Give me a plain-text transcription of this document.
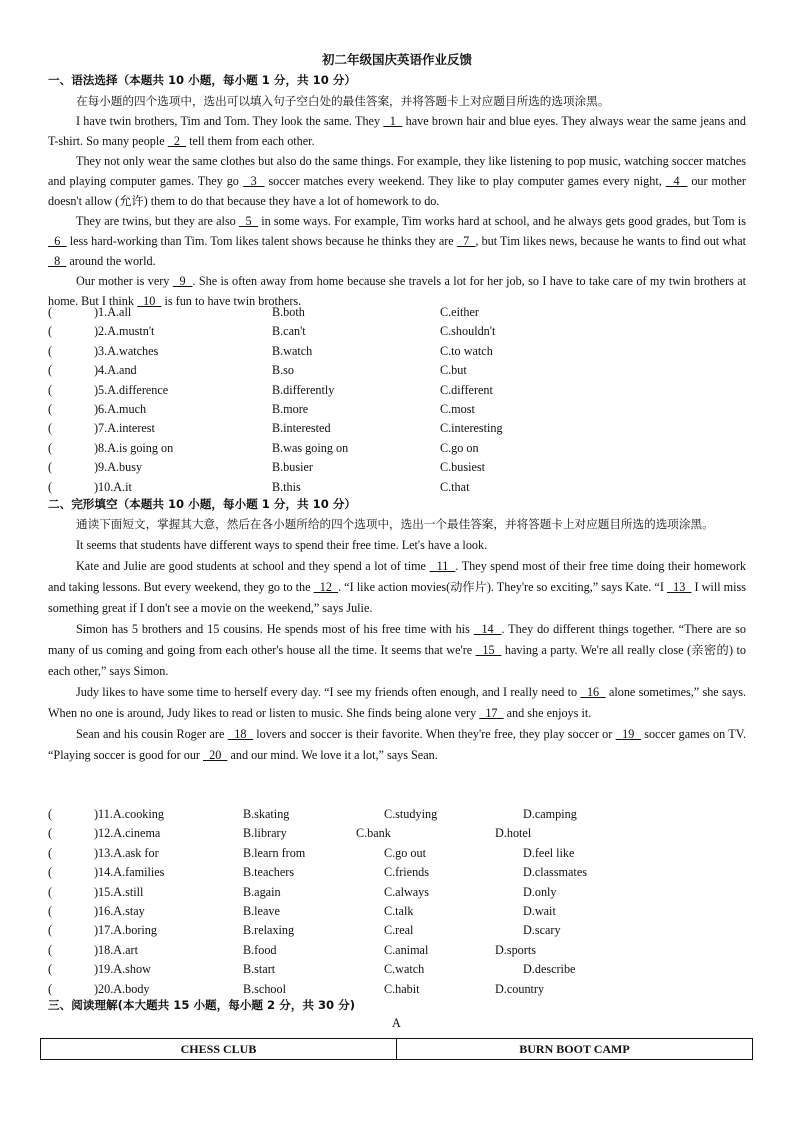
初二年级国庆英语作业反馈
一、语法选择（本题共 10 小题，每小题 1 分，共 10 分）

在每小题的四个选项中，选出可以填入句子空白处的最佳答案，并将答题卡上对应题目所选的选项涂黑。

I have twin brothers, Tim and Tom. They look the same. They   1   have brown hair and blue eyes. They always wear the same jeans and T-shirt. So many people   2   tell them from each other.

They not only wear the same clothes but also do the same things. For example, they like listening to pop music, watching soccer matches and playing computer games. They go   3   soccer matches every weekend. They like to play computer games every night,   4   our mother doesn't allow (允许) them to do that because they have a lot of homework to do.

They are twins, but they are also   5   in some ways. For example, Tim works hard at school, and he always gets good grades, but Tom is   6   less hard-working than Tim. Tom likes talent shows because he thinks they are   7  , but Tim likes news, because he wants to find out what   8   around the world.

Our mother is very   9  . She is often away from home because she travels a lot for her job, so I have to take care of my twin brothers at home. But I think   10   is fun to have twin brothers.

(	)1.A.all	B.both	C.either
(	)2.A.mustn't	B.can't	C.shouldn't
(	)3.A.watches	B.watch	C.to watch
(	)4.A.and	B.so	C.but
(	)5.A.difference	B.differently	C.different
(	)6.A.much	B.more	C.most
(	)7.A.interest	B.interested	C.interesting
(	)8.A.is going on	B.was going on	C.go on
(	)9.A.busy	B.busier	C.busiest
(	)10.A.it	B.this	C.that
二、完形填空（本题共 10 小题，每小题 1 分，共 10 分）

通读下面短文，掌握其大意，然后在各小题所给的四个选项中，选出一个最佳答案，并将答题卡上对应题目所选的选项涂黑。

It seems that students have different ways to spend their free time. Let's have a look.

Kate and Julie are good students at school and they spend a lot of time   11  . They spend most of their free time doing their homework and taking lessons. But every weekend, they go to the   12  . “I like action movies(动作片). They're so exciting,” says Kate. “I   13   I will miss something great if I don't see a movie on the weekend,” says Julie.

Simon has 5 brothers and 15 cousins. He spends most of his free time with his   14  . They do different things together. “There are so many of us coming and going from each other's house all the time. It seems that we're   15   having a party. We're all really close (亲密的) to each other,” says Simon.

Judy likes to have some time to herself every day. “I see my friends often enough, and I really need to   16   alone sometimes,” she says. When no one is around, Judy likes to read or listen to music. She finds being alone very   17   and she enjoys it.

Sean and his cousin Roger are   18   lovers and soccer is their favorite. When they're free, they play soccer or   19   soccer games on TV. “Playing soccer is good for our   20   and our mind. We love it a lot,” says Sean.

(	)11.A.cooking	B.skating	C.studying	D.camping
(	)12.A.cinema	B.library	C.bank	D.hotel
(	)13.A.ask for	B.learn from	C.go out	D.feel like
(	)14.A.families	B.teachers	C.friends	D.classmates
(	)15.A.still	B.again	C.always	D.only
(	)16.A.stay	B.leave	C.talk	D.wait
(	)17.A.boring	B.relaxing	C.real	D.scary
(	)18.A.art	B.food	C.animal	D.sports
(	)19.A.show	B.start	C.watch	D.describe
(	)20.A.body	B.school	C.habit	D.country
三、阅读理解(本大题共 15 小题，每小题 2 分，共 30 分)
A
CHESS CLUB	BURN BOOT CAMP
